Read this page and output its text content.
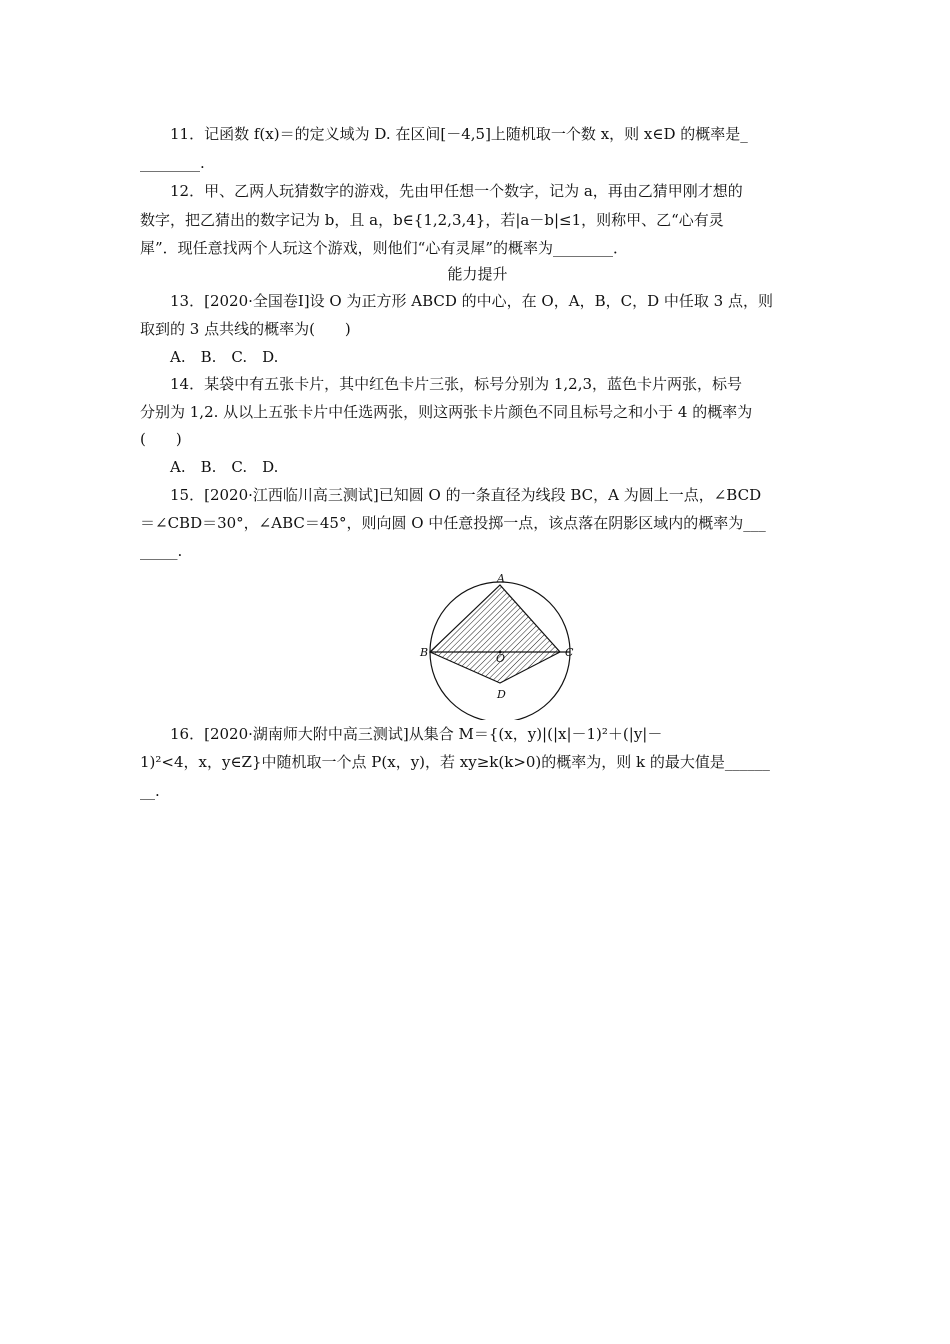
　　11．记函数 f(x)＝的定义域为 D. 在区间[－4,5]上随机取一个数 x，则 x∈D 的概率是_
________.
　　12．甲、乙两人玩猜数字的游戏，先由甲任想一个数字，记为 a，再由乙猜甲刚才想的
数字，把乙猜出的数字记为 b，且 a，b∈{1,2,3,4}，若|a－b|≤1，则称甲、乙“心有灵
犀”．现任意找两个人玩这个游戏，则他们“心有灵犀”的概率为________．
能力提升
　　13．[2020·全国卷Ⅰ]设 O 为正方形 ABCD 的中心，在 O，A，B，C，D 中任取 3 点，则
取到的 3 点共线的概率为(　　)
　　A.　B.　C.　D.
　　14．某袋中有五张卡片，其中红色卡片三张，标号分别为 1,2,3，蓝色卡片两张，标号
分别为 1,2. 从以上五张卡片中任选两张，则这两张卡片颜色不同且标号之和小于 4 的概率为
(　　)
　　A.　B.　C.　D.
　　15．[2020·江西临川高三测试]已知圆 O 的一条直径为线段 BC，A 为圆上一点，∠BCD
＝∠CBD＝30°，∠ABC＝45°，则向圆 O 中任意投掷一点，该点落在阴影区域内的概率为___
_____.
A
B	C
D
O
　　16．[2020·湖南师大附中高三测试]从集合 M＝{(x，y)|(|x|－1)²＋(|y|－
1)²<4，x，y∈Z}中随机取一个点 P(x，y)，若 xy≥k(k>0)的概率为，则 k 的最大值是______
__.
